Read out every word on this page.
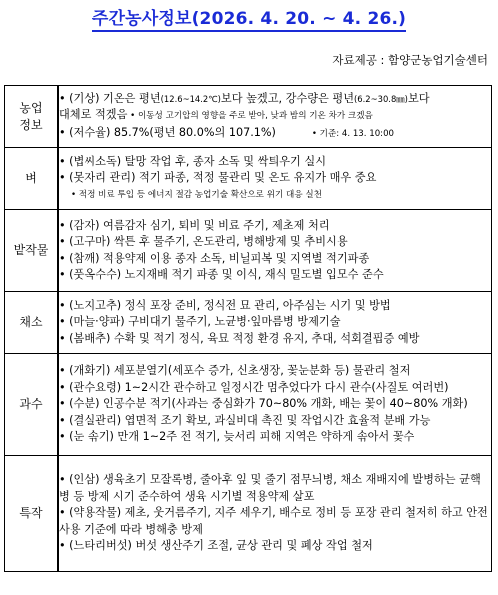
주간농사정보(2026. 4. 20. ~ 4. 26.)
자료제공 : 함양군농업기술센터
농업
정보	• (기상) 기온은 평년(12.6~14.2℃)보다 높겠고, 강수량은 평년(6.2~30.8㎜)보다
대체로 적겠음 • 이동성 고기압의 영향을 주로 받아, 낮과 밤의 기온 차가 크겠음
• (저수율) 85.7%(평년 80.0%의 107.1%) • 기준: 4. 13. 10:00

벼	• (볍씨소독) 탈망 작업 후, 종자 소독 및 싹틔우기 실시
• (못자리 관리) 적기 파종, 적정 물관리 및 온도 유지가 매우 중요
• 적정 비료 투입 등 에너지 절감 농업기술 확산으로 위기 대응 실천

밭작물	• (감자) 여름감자 심기, 퇴비 및 비료 주기, 제초제 처리
• (고구마) 싹튼 후 물주기, 온도관리, 병해방제 및 추비시용
• (참깨) 적용약제 이용 종자 소독, 비닐피복 및 지역별 적기파종
• (풋옥수수) 노지재배 적기 파종 및 이식, 재식 밀도별 입모수 준수

채소	• (노지고추) 정식 포장 준비, 정식전 묘 관리, 아주심는 시기 및 방법
• (마늘·양파) 구비대기 물주기, 노균병·잎마름병 방제기술
• (봄배추) 수확 및 적기 정식, 육묘 적정 환경 유지, 추대, 석회결핍증 예방

과수	• (개화기) 세포분열기(세포수 증가, 신초생장, 꽃눈분화 등) 물관리 철저
• (관수요령) 1~2시간 관수하고 일정시간 멈추었다가 다시 관수(사질토 여러번)
• (수분) 인공수분 적기(사과는 중심화가 70~80% 개화, 배는 꽃이 40~80% 개화)
• (결실관리) 엽면적 조기 확보, 과실비대 촉진 및 작업시간 효율적 분배 가능
• (눈 솎기) 만개 1~2주 전 적기, 늦서리 피해 지역은 약하게 솎아서 꽃수

특작	• (인삼) 생육초기 모잘록병, 줄아후 잎 및 줄기 점무늬병, 채소 재배지에 발병하는 균핵병 등 방제 시기 준수하여 생육 시기별 적용약제 살포
• (약용작물) 제초, 웃거름주기, 지주 세우기, 배수로 정비 등 포장 관리 철저히 하고 안전 사용 기준에 따라 병해충 방제
• (느타리버섯) 버섯 생산주기 조절, 균상 관리 및 폐상 작업 철저
